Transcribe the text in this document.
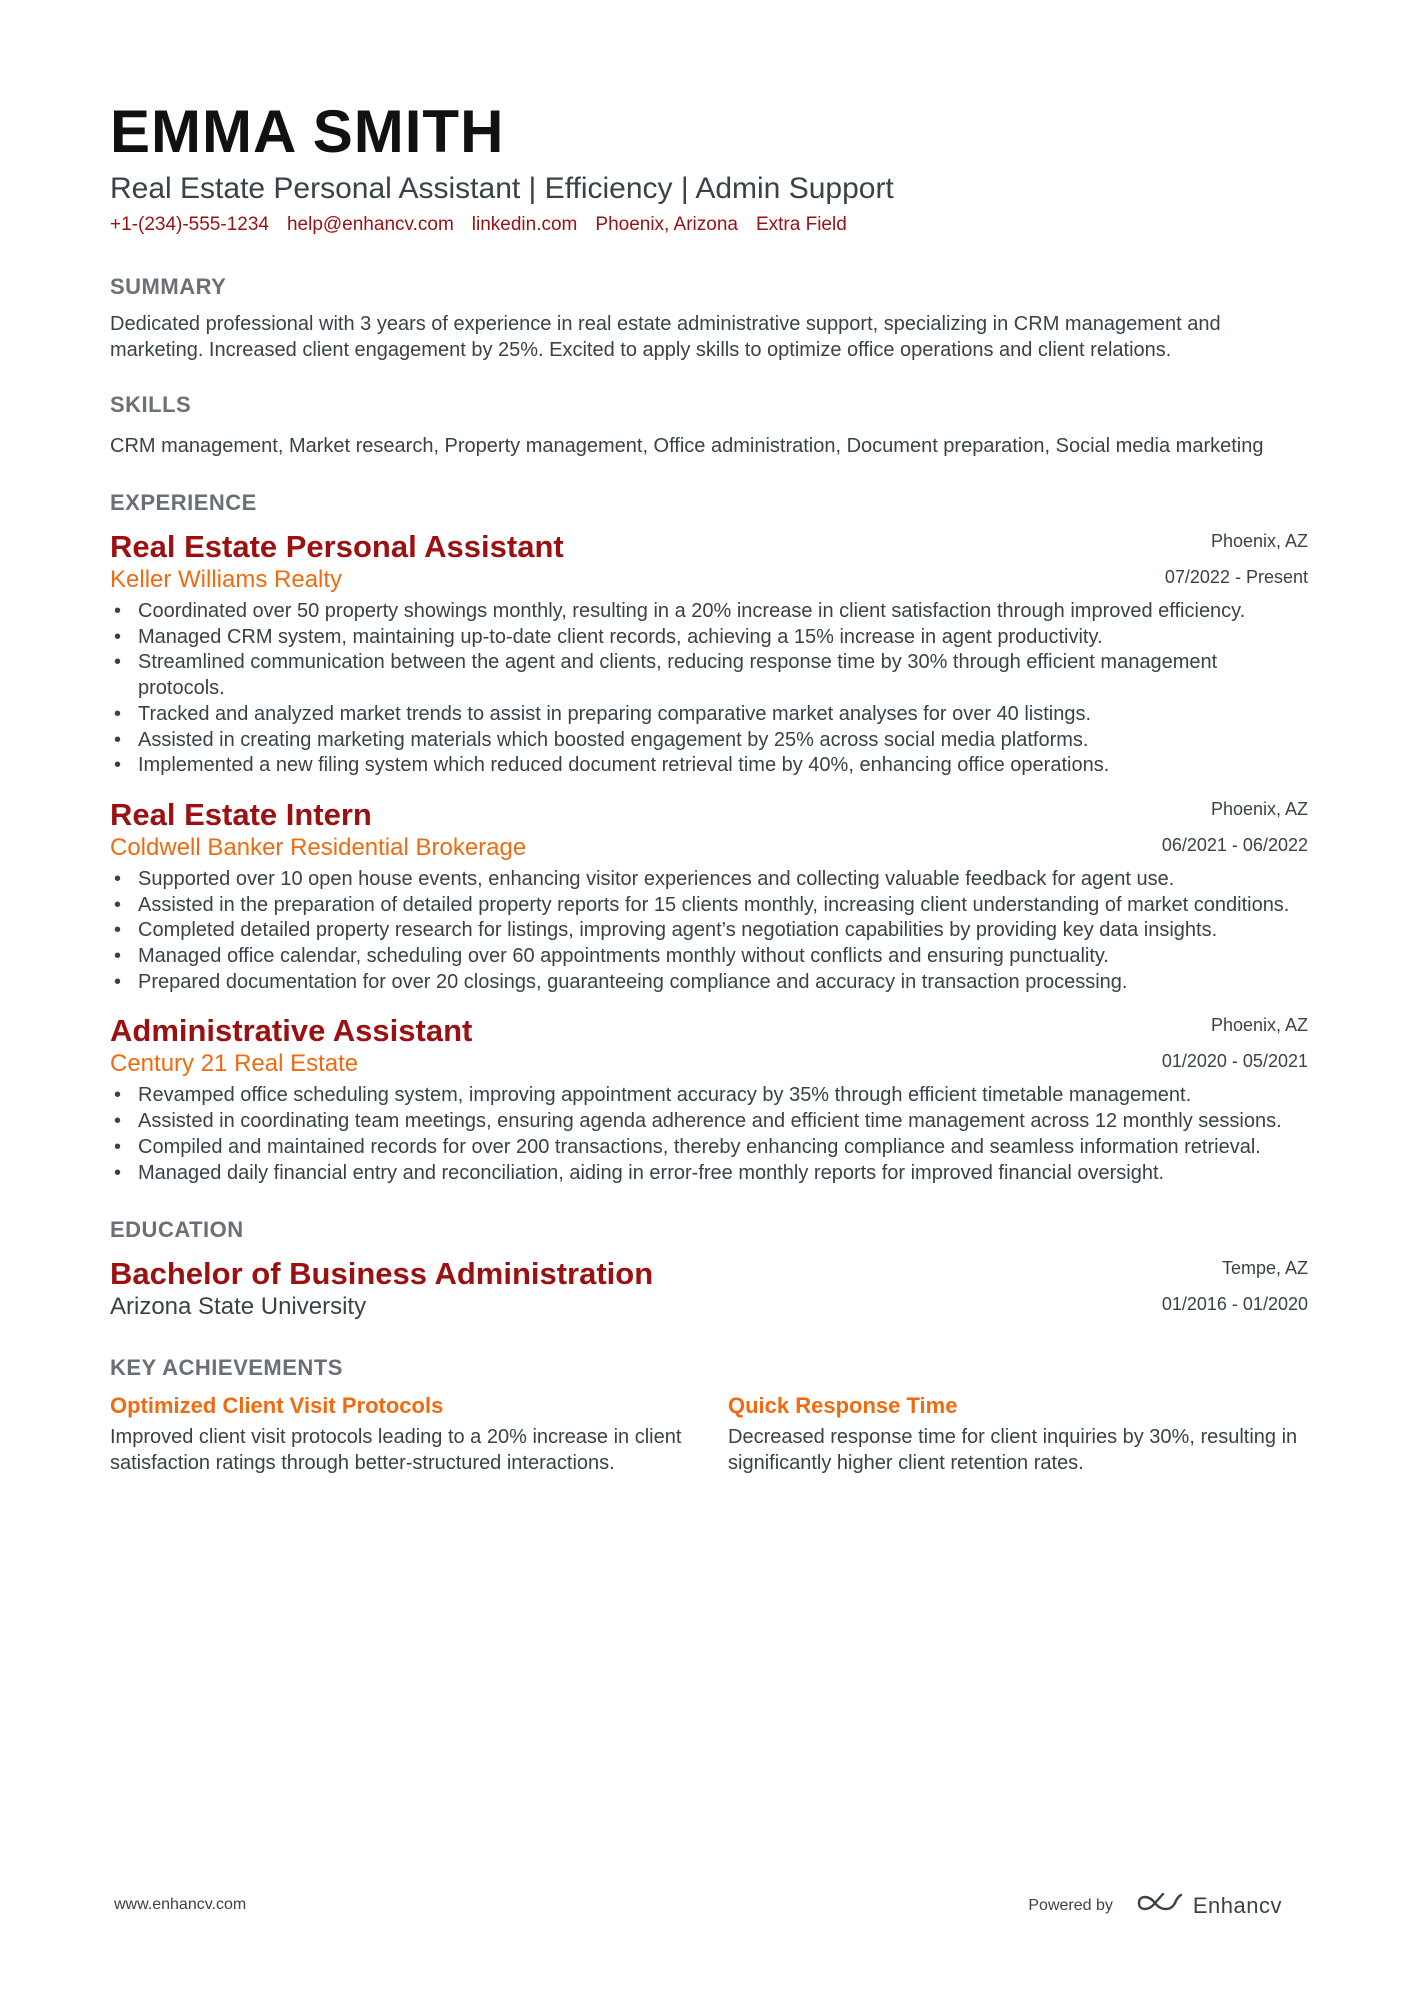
EMMA SMITH
Real Estate Personal Assistant | Efficiency | Admin Support
+1-(234)-555-1234 help@enhancv.com linkedin.com Phoenix, Arizona Extra Field
SUMMARY

Dedicated professional with 3 years of experience in real estate administrative support, specializing in CRM management and marketing. Increased client engagement by 25%. Excited to apply skills to optimize office operations and client relations.

SKILLS

CRM management, Market research, Property management, Office administration, Document preparation, Social media marketing

EXPERIENCE
Real Estate Personal Assistant
Keller Williams Realty
Phoenix, AZ
07/2022 - Present
• Coordinated over 50 property showings monthly, resulting in a 20% increase in client satisfaction through improved efficiency.
• Managed CRM system, maintaining up-to-date client records, achieving a 15% increase in agent productivity.
• Streamlined communication between the agent and clients, reducing response time by 30% through efficient management protocols.
• Tracked and analyzed market trends to assist in preparing comparative market analyses for over 40 listings.
• Assisted in creating marketing materials which boosted engagement by 25% across social media platforms.
• Implemented a new filing system which reduced document retrieval time by 40%, enhancing office operations.
Real Estate Intern
Coldwell Banker Residential Brokerage
Phoenix, AZ
06/2021 - 06/2022
• Supported over 10 open house events, enhancing visitor experiences and collecting valuable feedback for agent use.
• Assisted in the preparation of detailed property reports for 15 clients monthly, increasing client understanding of market conditions.
• Completed detailed property research for listings, improving agent’s negotiation capabilities by providing key data insights.
• Managed office calendar, scheduling over 60 appointments monthly without conflicts and ensuring punctuality.
• Prepared documentation for over 20 closings, guaranteeing compliance and accuracy in transaction processing.
Administrative Assistant
Century 21 Real Estate
Phoenix, AZ
01/2020 - 05/2021
• Revamped office scheduling system, improving appointment accuracy by 35% through efficient timetable management.
• Assisted in coordinating team meetings, ensuring agenda adherence and efficient time management across 12 monthly sessions.
• Compiled and maintained records for over 200 transactions, thereby enhancing compliance and seamless information retrieval.
• Managed daily financial entry and reconciliation, aiding in error-free monthly reports for improved financial oversight.
EDUCATION
Bachelor of Business Administration
Arizona State University
Tempe, AZ
01/2016 - 01/2020
KEY ACHIEVEMENTS
Optimized Client Visit Protocols

Improved client visit protocols leading to a 20% increase in client satisfaction ratings through better-structured interactions.

Quick Response Time

Decreased response time for client inquiries by 30%, resulting in significantly higher client retention rates.

www.enhancv.com	Powered by	Enhancv
